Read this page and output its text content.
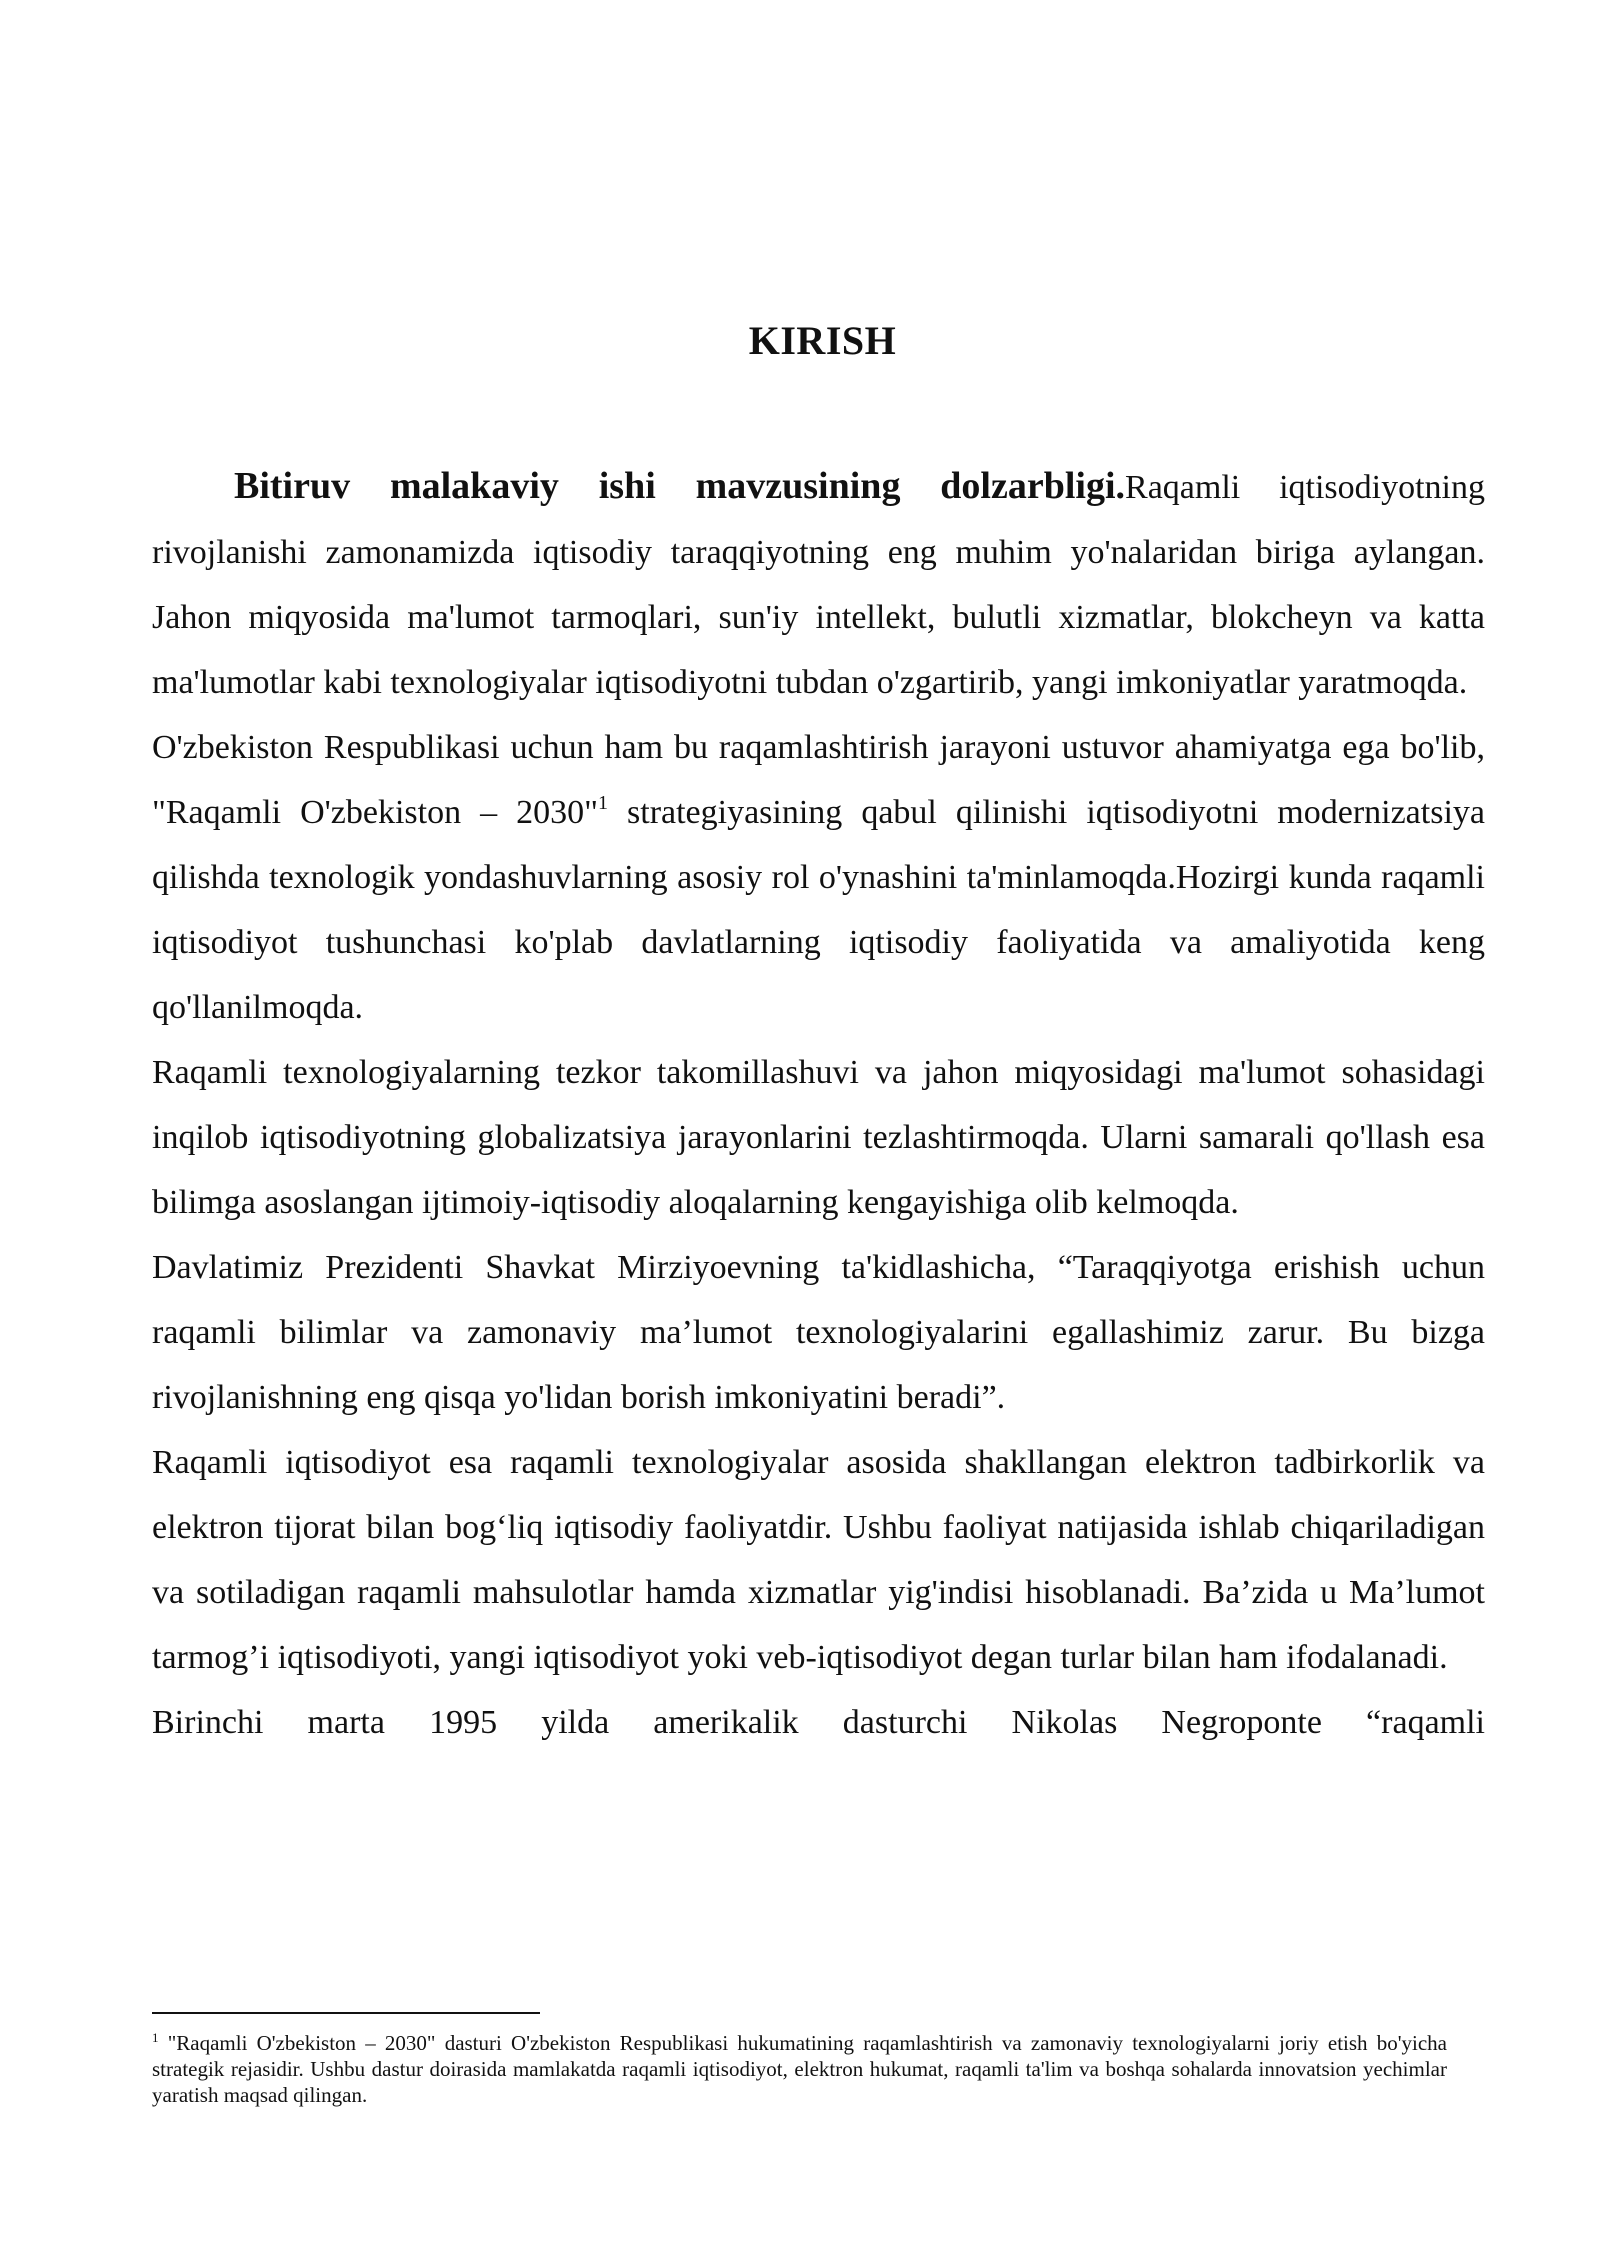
KIRISH

Bitiruv malakaviy ishi mavzusining dolzarbligi.Raqamli iqtisodiyotning rivojlanishi zamonamizda iqtisodiy taraqqiyotning eng muhim yo'nalaridan biriga aylangan. Jahon miqyosida ma'lumot tarmoqlari, sun'iy intellekt, bulutli xizmatlar, blokcheyn va katta ma'lumotlar kabi texnologiyalar iqtisodiyotni tubdan o'zgartirib, yangi imkoniyatlar yaratmoqda.

O'zbekiston Respublikasi uchun ham bu raqamlashtirish jarayoni ustuvor ahamiyatga ega bo'lib, "Raqamli O'zbekiston – 2030"$^1$ strategiyasining qabul qilinishi iqtisodiyotni modernizatsiya qilishda texnologik yondashuvlarning asosiy rol o'ynashini ta'minlamoqda.Hozirgi kunda raqamli iqtisodiyot tushunchasi ko'plab davlatlarning iqtisodiy faoliyatida va amaliyotida keng qo'llanilmoqda.

Raqamli texnologiyalarning tezkor takomillashuvi va jahon miqyosidagi ma'lumot sohasidagi inqilob iqtisodiyotning globalizatsiya jarayonlarini tezlashtirmoqda. Ularni samarali qo'llash esa bilimga asoslangan ijtimoiy-iqtisodiy aloqalarning kengayishiga olib kelmoqda.

Davlatimiz Prezidenti Shavkat Mirziyoevning ta'kidlashicha, “Taraqqiyotga erishish uchun raqamli bilimlar va zamonaviy ma’lumot texnologiyalarini egallashimiz zarur. Bu bizga rivojlanishning eng qisqa yo'lidan borish imkoniyatini beradi”.

Raqamli iqtisodiyot esa raqamli texnologiyalar asosida shakllangan elektron tadbirkorlik va elektron tijorat bilan bog‘liq iqtisodiy faoliyatdir. Ushbu faoliyat natijasida ishlab chiqariladigan va sotiladigan raqamli mahsulotlar hamda xizmatlar yig'indisi hisoblanadi. Ba’zida u Ma’lumot tarmog’i iqtisodiyoti, yangi iqtisodiyot yoki veb-iqtisodiyot degan turlar bilan ham ifodalanadi.

Birinchi marta 1995 yilda amerikalik dasturchi Nikolas Negroponte “raqamli

$^1$ "Raqamli O'zbekiston – 2030" dasturi O'zbekiston Respublikasi hukumatining raqamlashtirish va zamonaviy texnologiyalarni joriy etish bo'yicha strategik rejasidir. Ushbu dastur doirasida mamlakatda raqamli iqtisodiyot, elektron hukumat, raqamli ta'lim va boshqa sohalarda innovatsion yechimlar yaratish maqsad qilingan.
